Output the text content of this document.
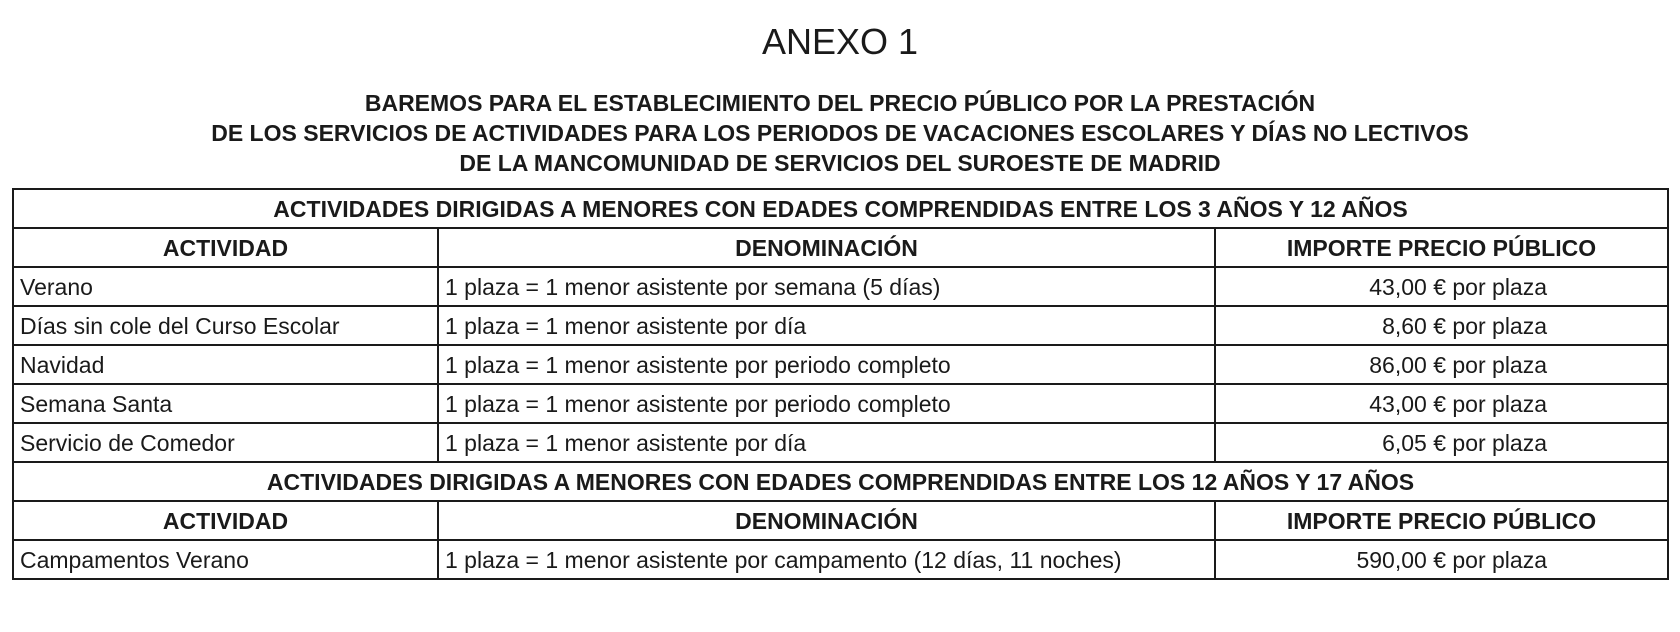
ANEXO 1
BAREMOS PARA EL ESTABLECIMIENTO DEL PRECIO PÚBLICO POR LA PRESTACIÓN
DE LOS SERVICIOS DE ACTIVIDADES PARA LOS PERIODOS DE VACACIONES ESCOLARES Y DÍAS NO LECTIVOS
DE LA MANCOMUNIDAD DE SERVICIOS DEL SUROESTE DE MADRID
ACTIVIDADES DIRIGIDAS A MENORES CON EDADES COMPRENDIDAS ENTRE LOS 3 AÑOS Y 12 AÑOS		
ACTIVIDAD	DENOMINACIÓN	IMPORTE PRECIO PÚBLICO
Verano	1 plaza = 1 menor asistente por semana (5 días)	43,00 € por plaza
Días sin cole del Curso Escolar	1 plaza = 1 menor asistente por día	8,60 € por plaza
Navidad	1 plaza = 1 menor asistente por periodo completo	86,00 € por plaza
Semana Santa	1 plaza = 1 menor asistente por periodo completo	43,00 € por plaza
Servicio de Comedor	1 plaza = 1 menor asistente por día	6,05 € por plaza
ACTIVIDADES DIRIGIDAS A MENORES CON EDADES COMPRENDIDAS ENTRE LOS 12 AÑOS Y 17 AÑOS		
ACTIVIDAD	DENOMINACIÓN	IMPORTE PRECIO PÚBLICO
Campamentos Verano	1 plaza = 1 menor asistente por campamento (12 días, 11 noches)	590,00 € por plaza
